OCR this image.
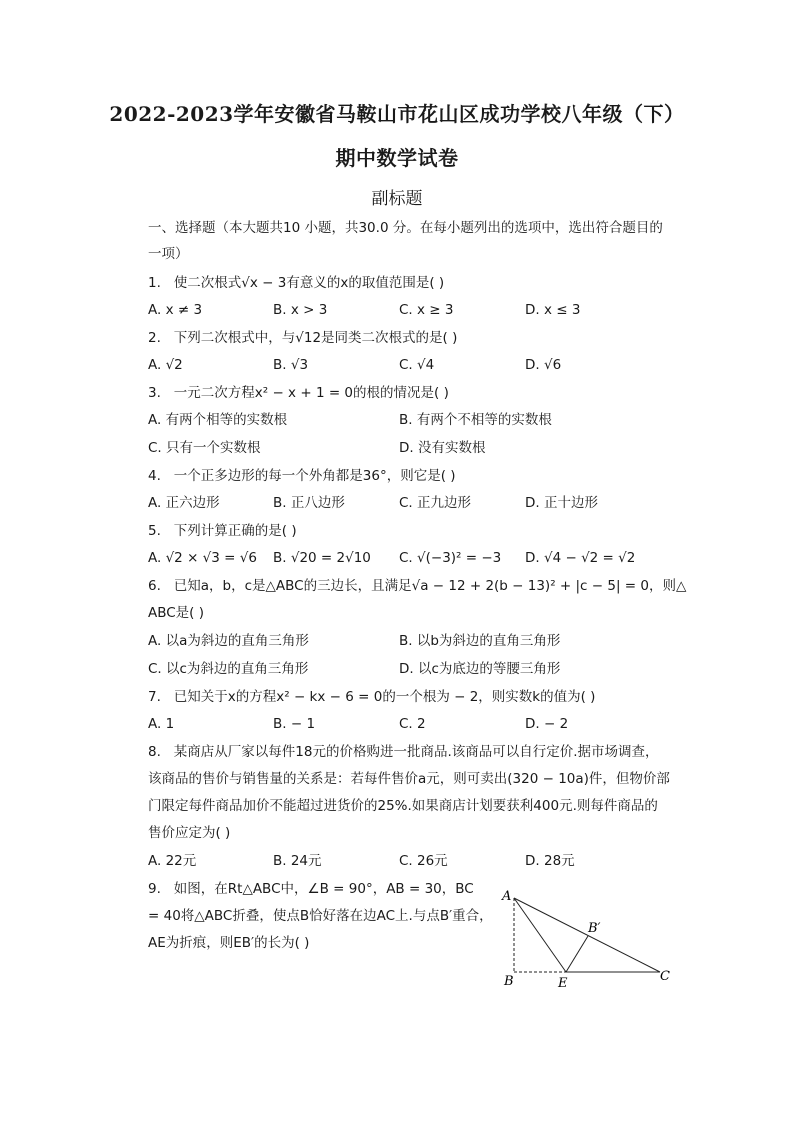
2022-2023学年安徽省马鞍山市花山区成功学校八年级（下）
期中数学试卷
副标题
一、选择题（本大题共10 小题，共30.0 分。在每小题列出的选项中，选出符合题目的
一项）
1. 使二次根式√x − 3有意义的x的取值范围是( )
A. x ≠ 3	B. x > 3	C. x ≥ 3	D. x ≤ 3
2. 下列二次根式中，与√12是同类二次根式的是( )
A. √2	B. √3	C. √4	D. √6
3. 一元二次方程x² − x + 1 = 0的根的情况是( )
A. 有两个相等的实数根	B. 有两个不相等的实数根
C. 只有一个实数根	D. 没有实数根
4. 一个正多边形的每一个外角都是36°，则它是( )
A. 正六边形	B. 正八边形	C. 正九边形	D. 正十边形
5. 下列计算正确的是( )
A. √2 × √3 = √6 B. √20 = 2√10 C. √(−3)² = −3 D. √4 − √2 = √2
6. 已知a，b，c是△ABC的三边长，且满足√a − 12 + 2(b − 13)² + |c − 5| = 0，则△
ABC是( )
A. 以a为斜边的直角三角形	B. 以b为斜边的直角三角形
C. 以c为斜边的直角三角形	D. 以c为底边的等腰三角形
7. 已知关于x的方程x² − kx − 6 = 0的一个根为 − 2，则实数k的值为( )
A. 1	B. − 1	C. 2	D. − 2
8. 某商店从厂家以每件18元的价格购进一批商品.该商品可以自行定价.据市场调查，
该商品的售价与销售量的关系是：若每件售价a元，则可卖出(320 − 10a)件，但物价部
门限定每件商品加价不能超过进货价的25%.如果商店计划要获利400元.则每件商品的
售价应定为( )
A. 22元	B. 24元	C. 26元	D. 28元
9. 如图，在Rt△ABC中，∠B = 90°，AB = 30，BC
= 40将△ABC折叠，使点B恰好落在边AC上.与点B′重合，
AE为折痕，则EB′的长为( )
A
B	C
E
B′
